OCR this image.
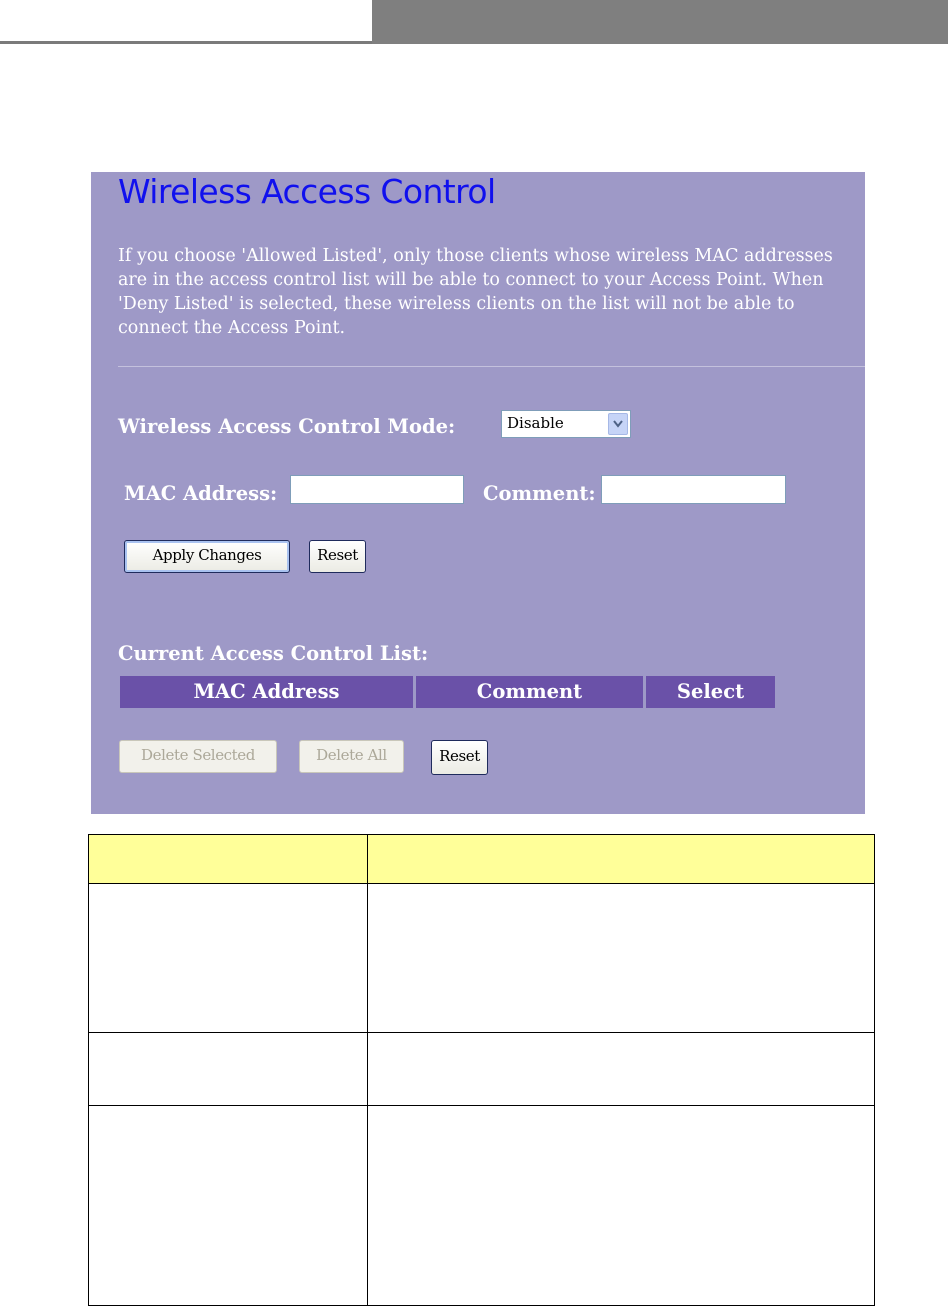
Wireless Access Control
If you choose 'Allowed Listed', only those clients whose wireless MAC addresses are in the access control list will be able to connect to your Access Point. When 'Deny Listed' is selected, these wireless clients on the list will not be able to connect the Access Point.
Wireless Access Control Mode:	Disable
MAC Address:	Comment:
Apply Changes	Reset
Current Access Control List:
MAC Address	Comment	Select
Delete Selected	Delete All	Reset
